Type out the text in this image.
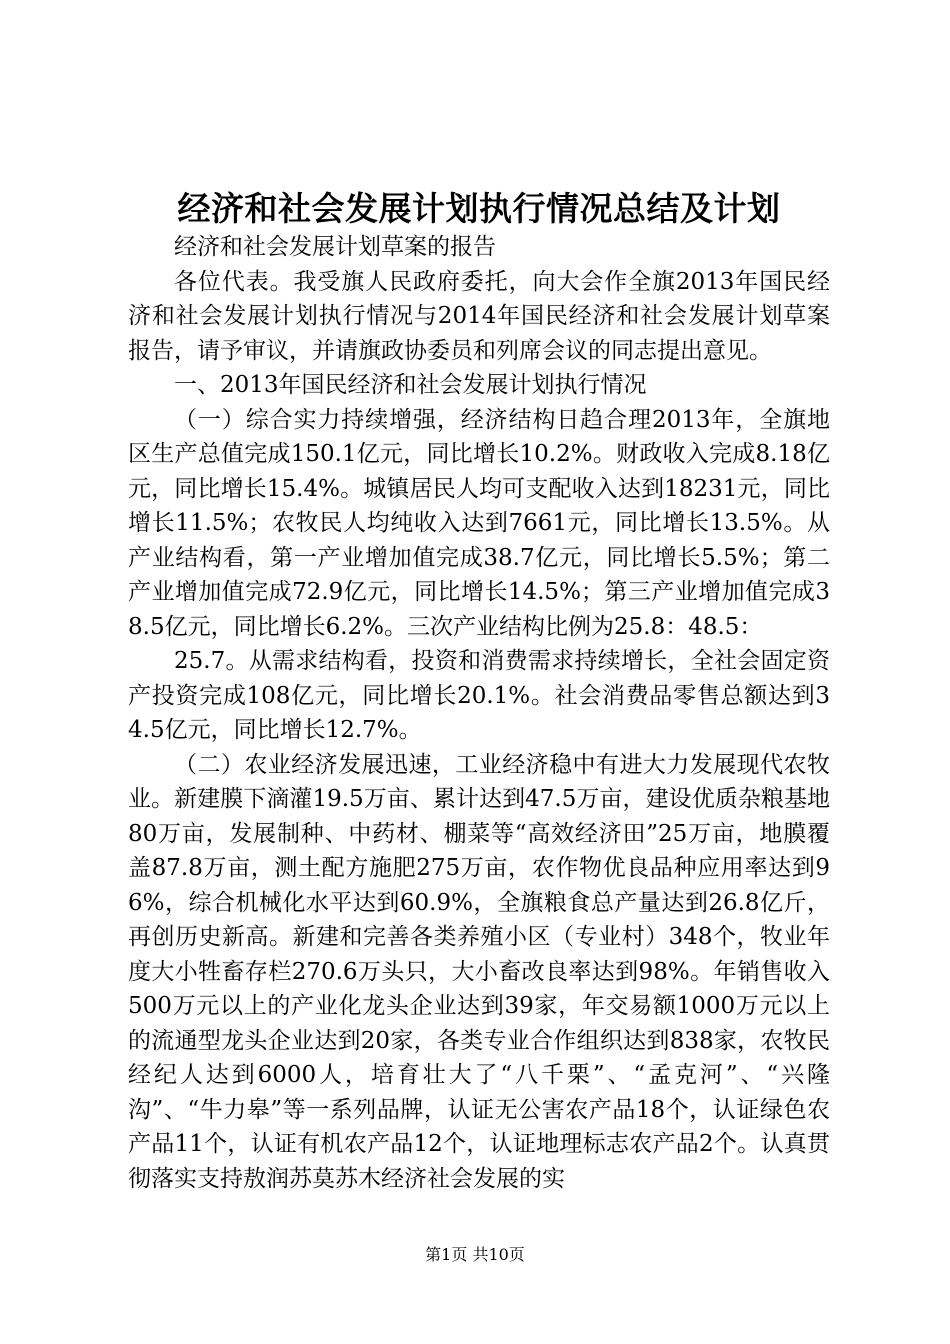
经济和社会发展计划执行情况总结及计划

经济和社会发展计划草案的报告

各位代表。我受旗人民政府委托，向大会作全旗2013年国民经济和社会发展计划执行情况与2014年国民经济和社会发展计划草案报告，请予审议，并请旗政协委员和列席会议的同志提出意见。

一、2013年国民经济和社会发展计划执行情况

（一）综合实力持续增强，经济结构日趋合理2013年，全旗地区生产总值完成150.1亿元，同比增长10.2%。财政收入完成8.18亿元，同比增长15.4%。城镇居民人均可支配收入达到18231元，同比增长11.5%；农牧民人均纯收入达到7661元，同比增长13.5%。从产业结构看，第一产业增加值完成38.7亿元，同比增长5.5%；第二产业增加值完成72.9亿元，同比增长14.5%；第三产业增加值完成38.5亿元，同比增长6.2%。三次产业结构比例为25.8：48.5：

25.7。从需求结构看，投资和消费需求持续增长，全社会固定资产投资完成108亿元，同比增长20.1%。社会消费品零售总额达到34.5亿元，同比增长12.7%。

（二）农业经济发展迅速，工业经济稳中有进大力发展现代农牧业。新建膜下滴灌19.5万亩、累计达到47.5万亩，建设优质杂粮基地80万亩，发展制种、中药材、棚菜等“高效经济田”25万亩，地膜覆盖87.8万亩，测土配方施肥275万亩，农作物优良品种应用率达到96%，综合机械化水平达到60.9%，全旗粮食总产量达到26.8亿斤，再创历史新高。新建和完善各类养殖小区（专业村）348个，牧业年度大小牲畜存栏270.6万头只，大小畜改良率达到98%。年销售收入500万元以上的产业化龙头企业达到39家，年交易额1000万元以上的流通型龙头企业达到20家，各类专业合作组织达到838家，农牧民经纪人达到6000人，培育壮大了“八千栗”、“孟克河”、“兴隆沟”、“牛力皋”等一系列品牌，认证无公害农产品18个，认证绿色农产品11个，认证有机农产品12个，认证地理标志农产品2个。认真贯彻落实支持敖润苏莫苏木经济社会发展的实

第1页 共10页
